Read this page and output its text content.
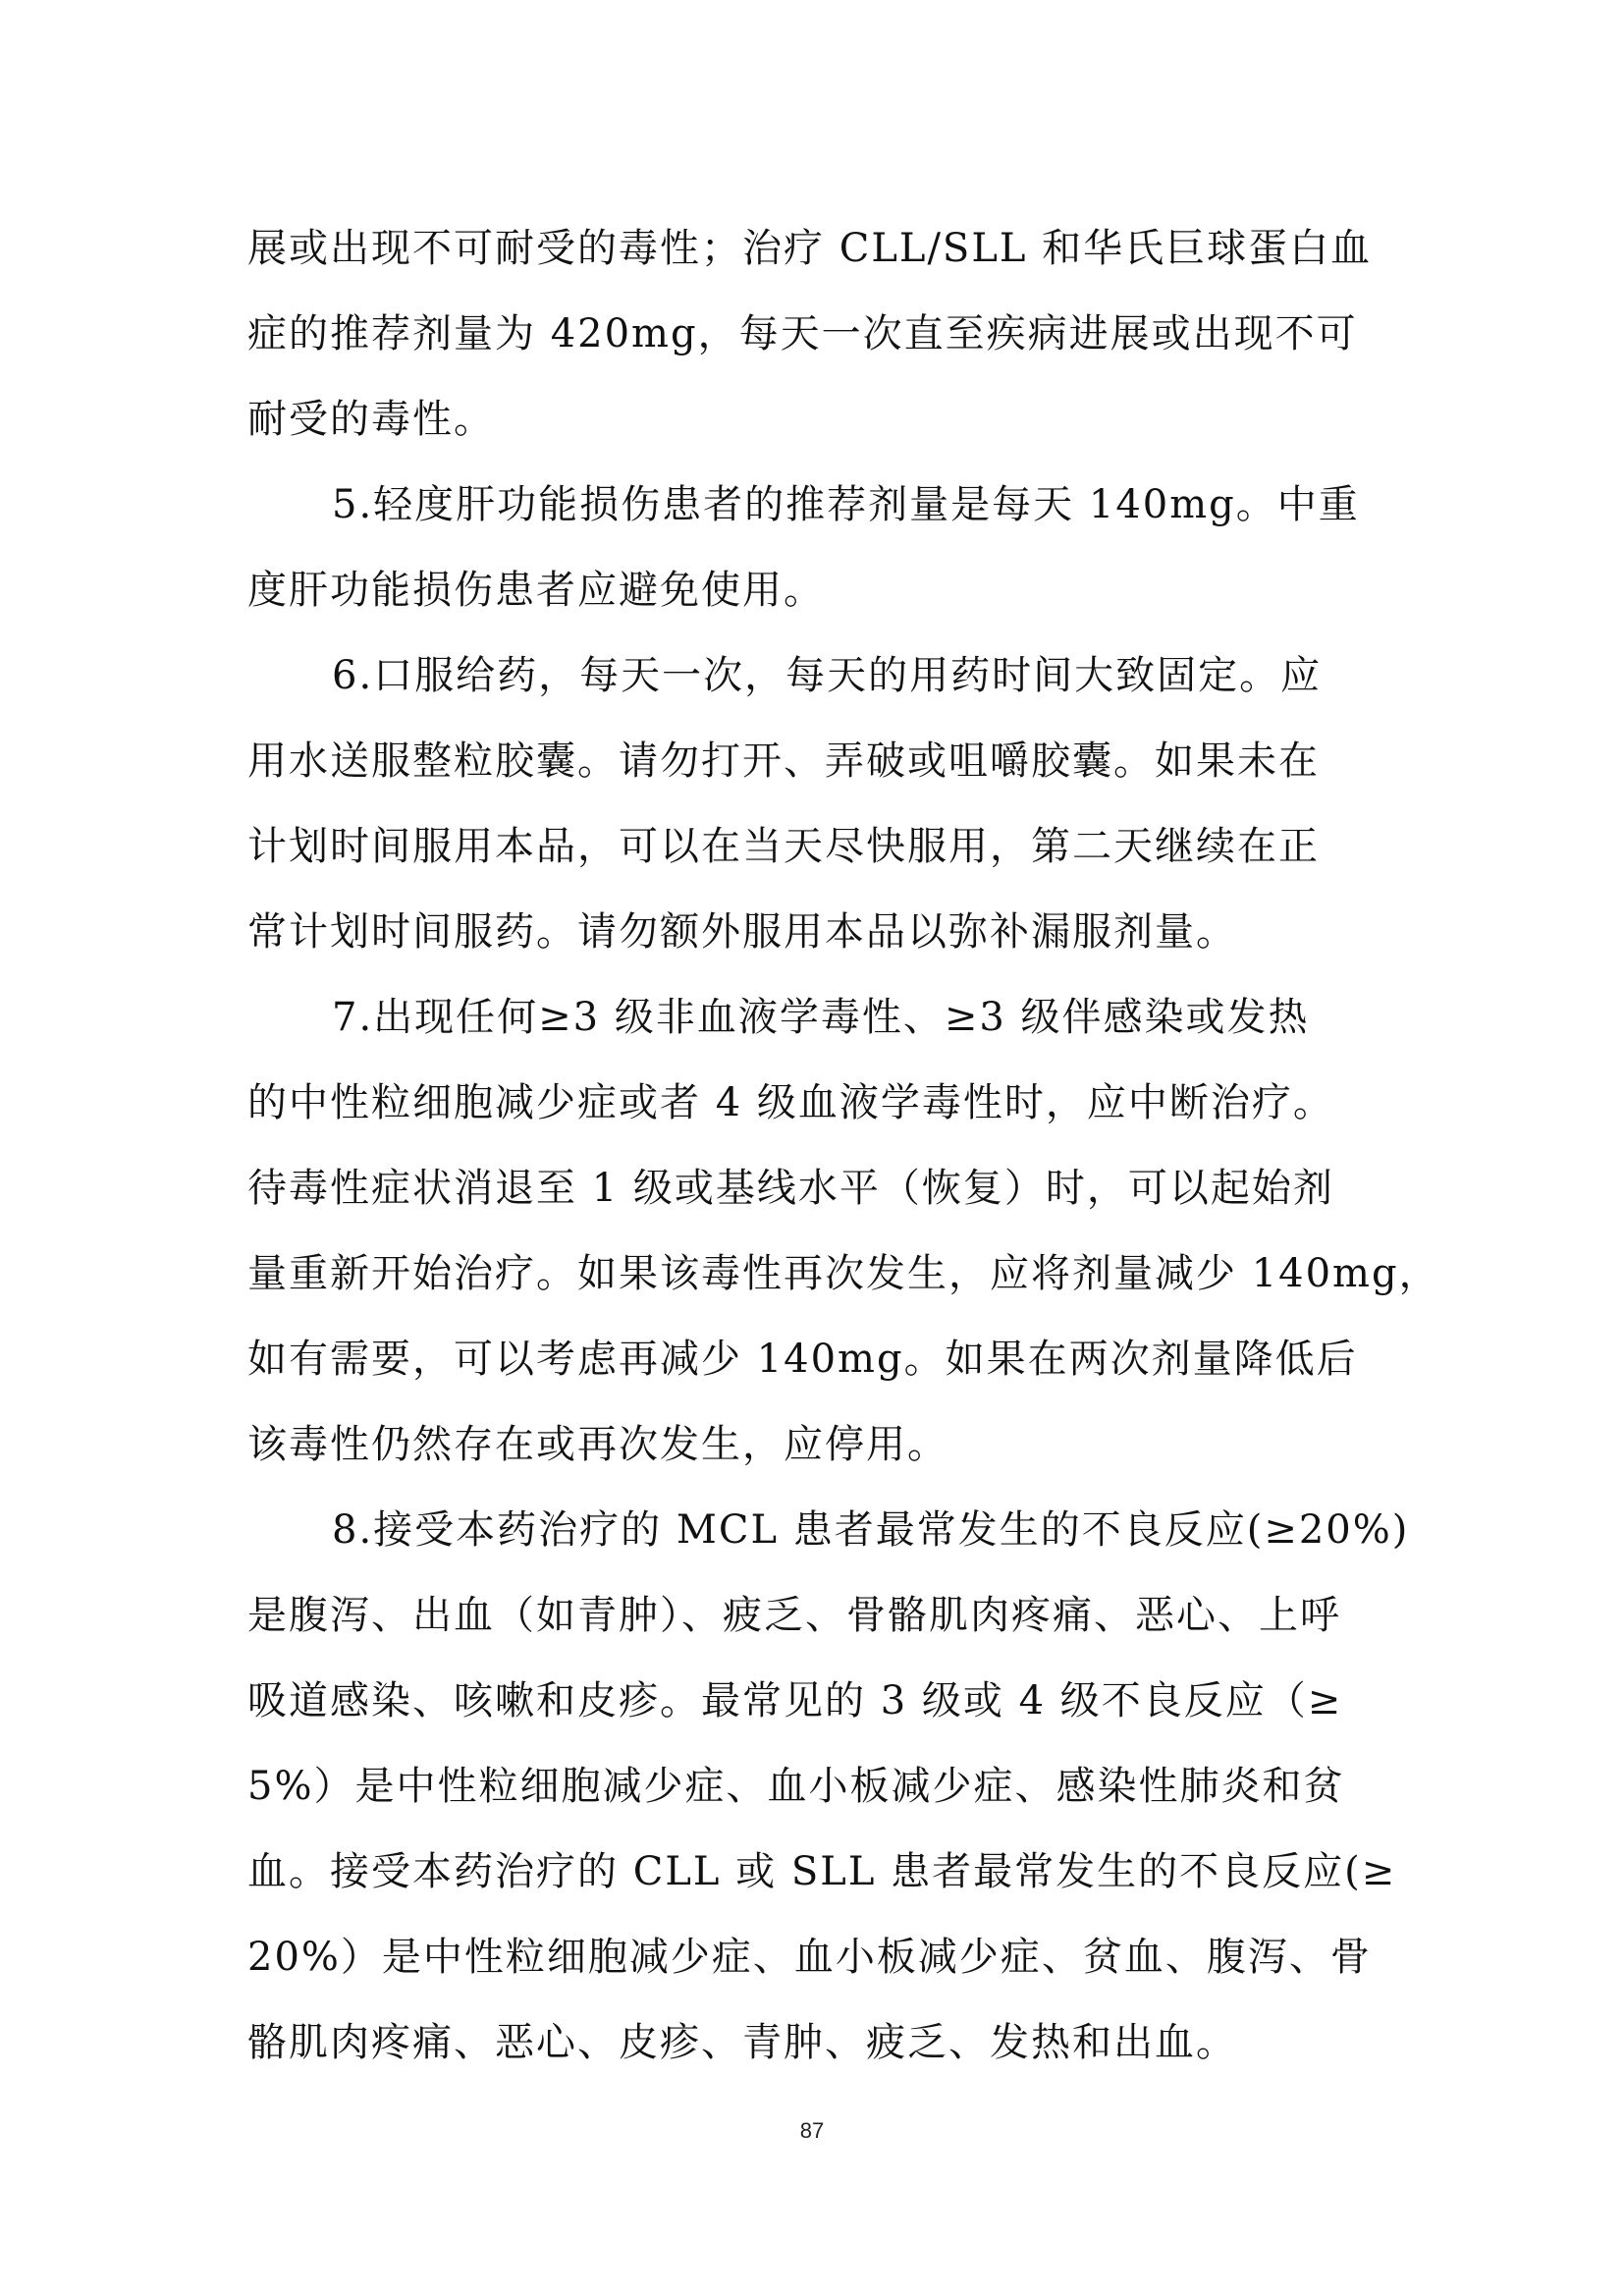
展或出现不可耐受的毒性；治疗 CLL/SLL 和华氏巨球蛋白血
症的推荐剂量为 420mg，每天一次直至疾病进展或出现不可
耐受的毒性。
5.轻度肝功能损伤患者的推荐剂量是每天 140mg。中重
度肝功能损伤患者应避免使用。
6.口服给药，每天一次，每天的用药时间大致固定。应
用水送服整粒胶囊。请勿打开、弄破或咀嚼胶囊。如果未在
计划时间服用本品，可以在当天尽快服用，第二天继续在正
常计划时间服药。请勿额外服用本品以弥补漏服剂量。
7.出现任何≥3 级非血液学毒性、≥3 级伴感染或发热
的中性粒细胞减少症或者 4 级血液学毒性时，应中断治疗。
待毒性症状消退至 1 级或基线水平（恢复）时，可以起始剂
量重新开始治疗。如果该毒性再次发生，应将剂量减少 140mg，
如有需要，可以考虑再减少 140mg。如果在两次剂量降低后
该毒性仍然存在或再次发生，应停用。
8.接受本药治疗的 MCL 患者最常发生的不良反应(≥20%)
是腹泻、出血（如青肿）、疲乏、骨骼肌肉疼痛、恶心、上呼
吸道感染、咳嗽和皮疹。最常见的 3 级或 4 级不良反应（≥
5%）是中性粒细胞减少症、血小板减少症、感染性肺炎和贫
血。接受本药治疗的 CLL 或 SLL 患者最常发生的不良反应(≥
20%）是中性粒细胞减少症、血小板减少症、贫血、腹泻、骨
骼肌肉疼痛、恶心、皮疹、青肿、疲乏、发热和出血。
87
